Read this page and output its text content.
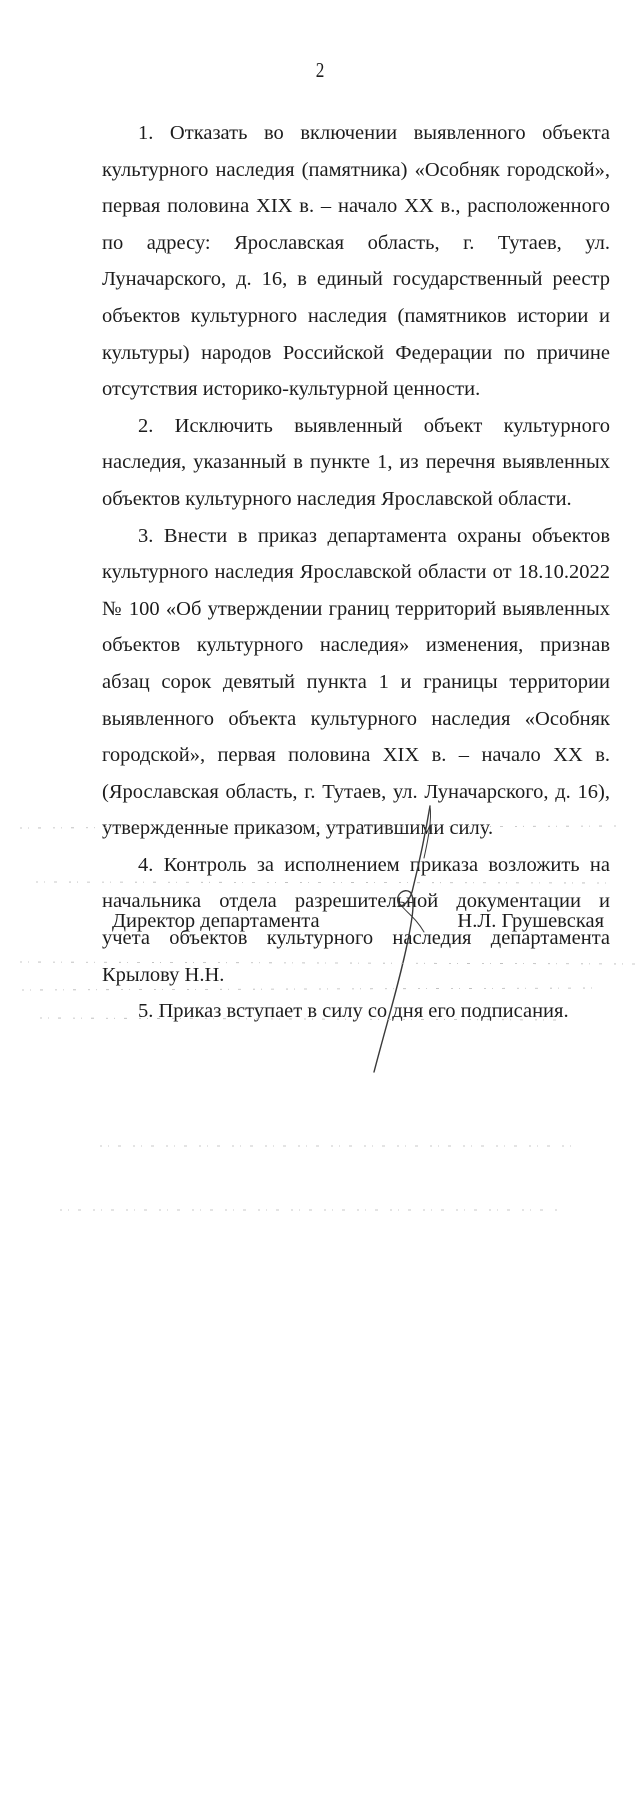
2

1. Отказать во включении выявленного объекта культурного наследия (памятника) «Особняк городской», первая половина XIX в. – начало XX в., расположенного по адресу: Ярославская область, г. Тутаев, ул. Луначарского, д. 16, в единый государственный реестр объектов культурного наследия (памятников истории и культуры) народов Российской Федерации по причине отсутствия историко-культурной ценности.

2. Исключить выявленный объект культурного наследия, указанный в пункте 1, из перечня выявленных объектов культурного наследия Ярославской области.

3. Внести в приказ департамента охраны объектов культурного наследия Ярославской области от 18.10.2022 № 100 «Об утверждении границ территорий выявленных объектов культурного наследия» изменения, признав абзац сорок девятый пункта 1 и границы территории выявленного объекта культурного наследия «Особняк городской», первая половина XIX в. – начало XX в. (Ярославская область, г. Тутаев, ул. Луначарского, д. 16), утвержденные приказом, утратившими силу.

4. Контроль за исполнением приказа возложить на начальника отдела разрешительной документации и учета объектов культурного наследия департамента Крылову Н.Н.

5. Приказ вступает в силу со дня его подписания.

Директор департамента	Н.Л. Грушевская
